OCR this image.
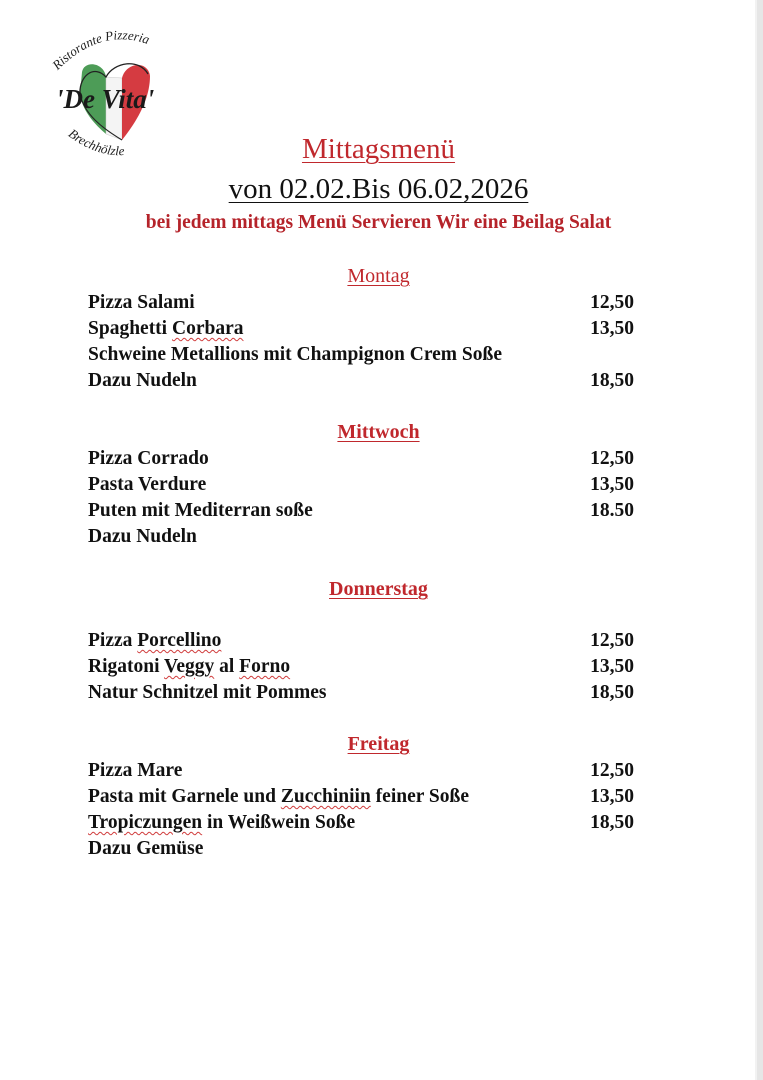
Ristorante Pizzeria
'De Vita'
Brechhölzle	Mittagsmenü
von 02.02.Bis 06.02,2026

bei jedem mittags Menü Servieren Wir eine Beilag Salat

Montag
Pizza Salami	12,50
Spaghetti Corbara	13,50
Schweine Metallions mit Champignon Crem Soße
Dazu Nudeln	18,50
Mittwoch
Pizza Corrado	12,50
Pasta Verdure	13,50
Puten mit Mediterran soße	18.50
Dazu Nudeln
Donnerstag
Pizza Porcellino	12,50
Rigatoni Veggy al Forno	13,50
Natur Schnitzel mit Pommes	18,50
Freitag
Pizza Mare	12,50
Pasta mit Garnele und Zucchiniin feiner Soße	13,50
Tropiczungen in Weißwein Soße	18,50
Dazu Gemüse
